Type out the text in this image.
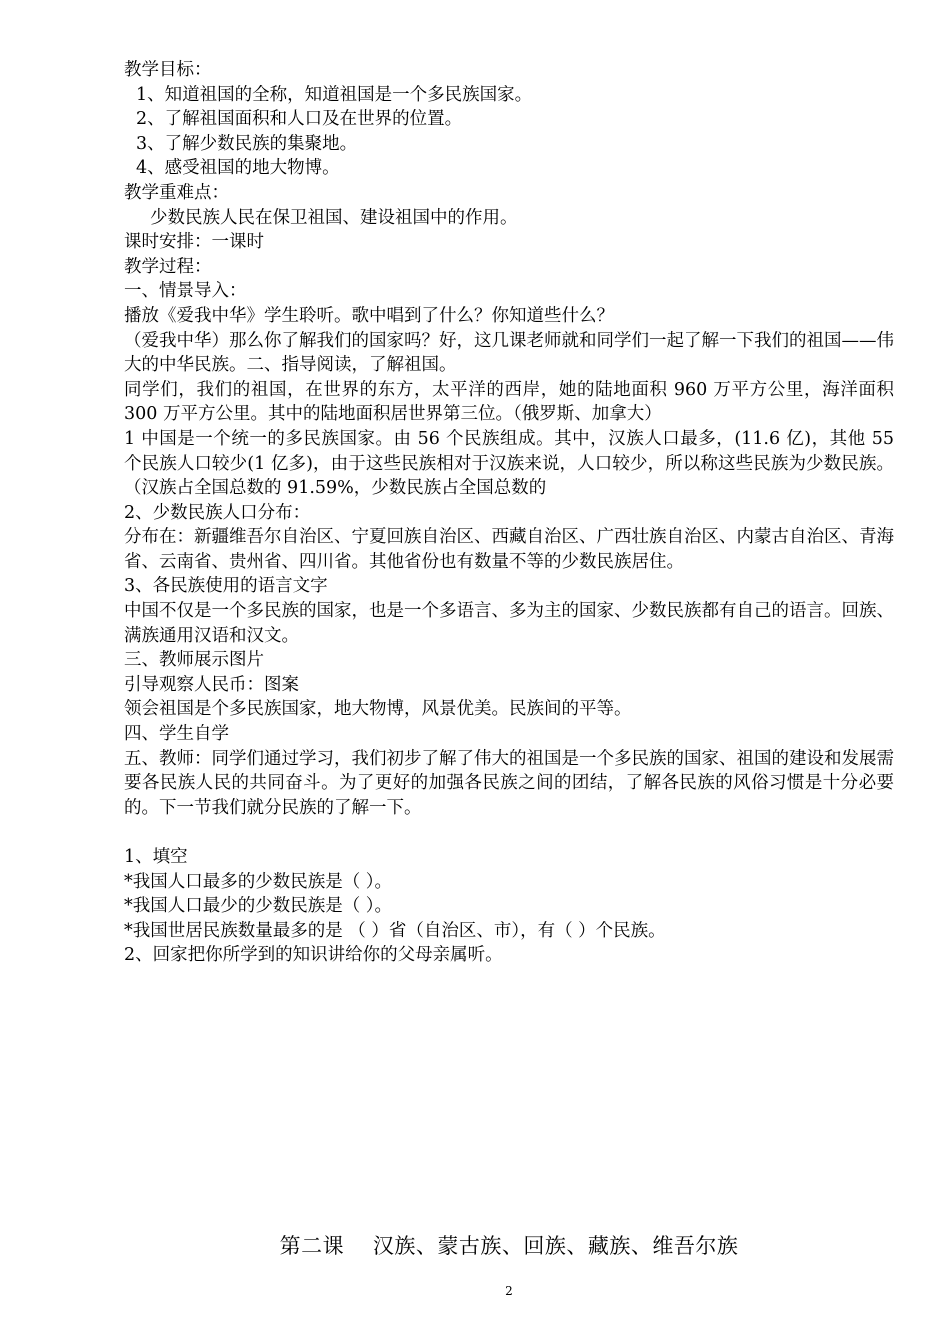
教学目标：
1、知道祖国的全称，知道祖国是一个多民族国家。
2、了解祖国面积和人口及在世界的位置。
3、了解少数民族的集聚地。
4、感受祖国的地大物博。
教学重难点：
少数民族人民在保卫祖国、建设祖国中的作用。
课时安排：一课时
教学过程：
一、情景导入：
播放《爱我中华》学生聆听。歌中唱到了什么？你知道些什么？
（爱我中华）那么你了解我们的国家吗？好，这几课老师就和同学们一起了解一下我们的祖国——伟大的中华民族。二、指导阅读，了解祖国。
同学们，我们的祖国，在世界的东方，太平洋的西岸，她的陆地面积 960 万平方公里，海洋面积 300 万平方公里。其中的陆地面积居世界第三位。（俄罗斯、加拿大）
1 中国是一个统一的多民族国家。由 56 个民族组成。其中，汉族人口最多，(11.6 亿)，其他 55 个民族人口较少(1 亿多)，由于这些民族相对于汉族来说，人口较少，所以称这些民族为少数民族。（汉族占全国总数的 91.59%，少数民族占全国总数的
2、少数民族人口分布：
分布在：新疆维吾尔自治区、宁夏回族自治区、西藏自治区、广西壮族自治区、内蒙古自治区、青海省、云南省、贵州省、四川省。其他省份也有数量不等的少数民族居住。
3、各民族使用的语言文字
中国不仅是一个多民族的国家，也是一个多语言、多为主的国家、少数民族都有自己的语言。回族、满族通用汉语和汉文。
三、教师展示图片
引导观察人民币：图案
领会祖国是个多民族国家，地大物博，风景优美。民族间的平等。
四、学生自学
五、教师：同学们通过学习，我们初步了解了伟大的祖国是一个多民族的国家、祖国的建设和发展需要各民族人民的共同奋斗。为了更好的加强各民族之间的团结，了解各民族的风俗习惯是十分必要的。下一节我们就分民族的了解一下。
1、填空
*我国人口最多的少数民族是（ ）。
*我国人口最少的少数民族是（ ）。
*我国世居民族数量最多的是 （ ）省（自治区、市），有（ ）个民族。
2、回家把你所学到的知识讲给你的父母亲属听。
第二课    汉族、蒙古族、回族、藏族、维吾尔族
2
